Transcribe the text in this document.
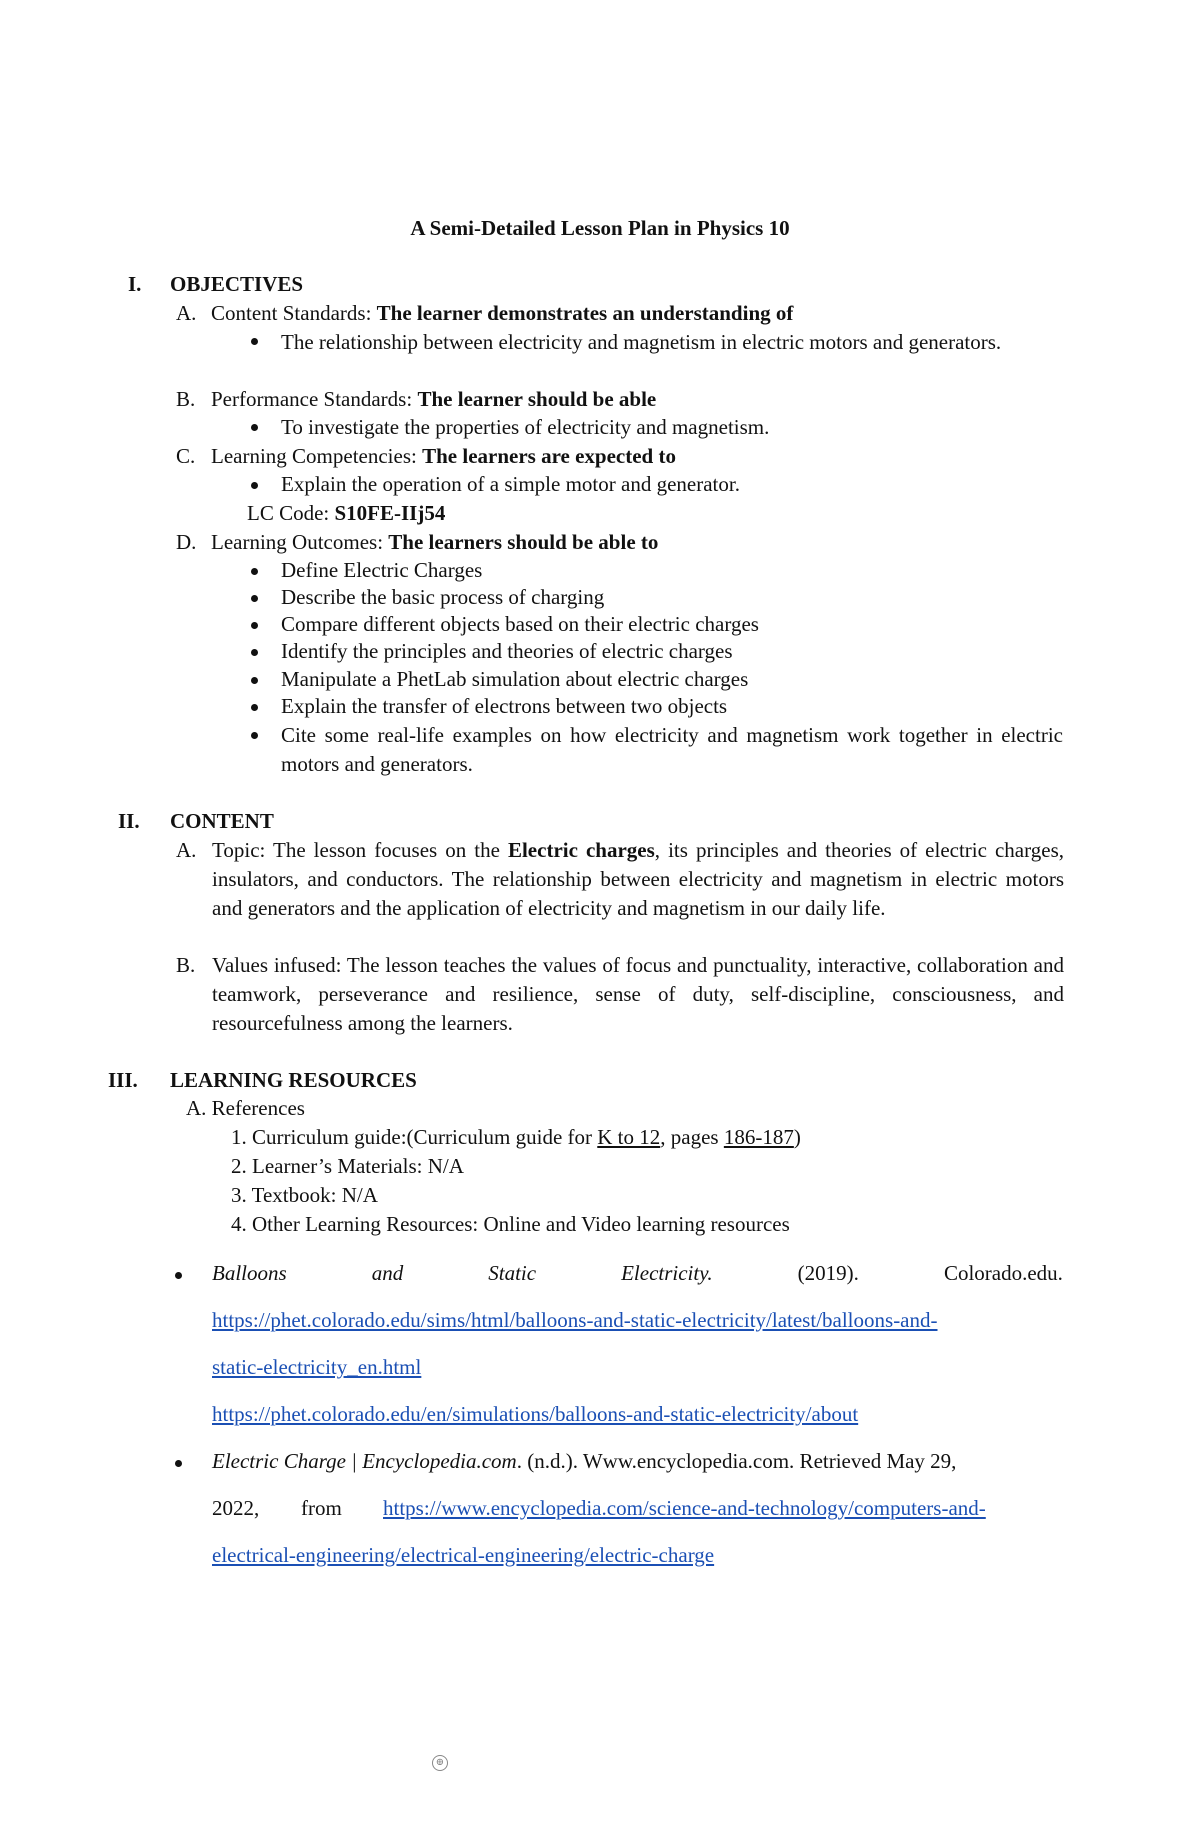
A Semi-Detailed Lesson Plan in Physics 10
I. OBJECTIVES
A. Content Standards: The learner demonstrates an understanding of
The relationship between electricity and magnetism in electric motors and generators.
B. Performance Standards: The learner should be able
To investigate the properties of electricity and magnetism.
C. Learning Competencies: The learners are expected to
Explain the operation of a simple motor and generator.
LC Code: S10FE-IIj54
D. Learning Outcomes: The learners should be able to
Define Electric Charges
Describe the basic process of charging
Compare different objects based on their electric charges
Identify the principles and theories of electric charges
Manipulate a PhetLab simulation about electric charges
Explain the transfer of electrons between two objects
Cite some real-life examples on how electricity and magnetism work together in electric motors and generators.
II. CONTENT
A. Topic: The lesson focuses on the Electric charges, its principles and theories of electric charges, insulators, and conductors. The relationship between electricity and magnetism in electric motors and generators and the application of electricity and magnetism in our daily life.
B. Values infused: The lesson teaches the values of focus and punctuality, interactive, collaboration and teamwork, perseverance and resilience, sense of duty, self-discipline, consciousness, and resourcefulness among the learners.
III. LEARNING RESOURCES
A. References
1. Curriculum guide:(Curriculum guide for K to 12, pages 186-187)
2. Learner’s Materials: N/A
3. Textbook: N/A
4. Other Learning Resources: Online and Video learning resources
Balloons	and	Static	Electricity.	(2019).	Colorado.edu.
https://phet.colorado.edu/sims/html/balloons-and-static-electricity/latest/balloons-and-
static-electricity_en.html
https://phet.colorado.edu/en/simulations/balloons-and-static-electricity/about
Electric Charge | Encyclopedia.com. (n.d.). Www.encyclopedia.com. Retrieved May 29,
2022, from https://www.encyclopedia.com/science-and-technology/computers-and-
electrical-engineering/electrical-engineering/electric-charge
⊕
